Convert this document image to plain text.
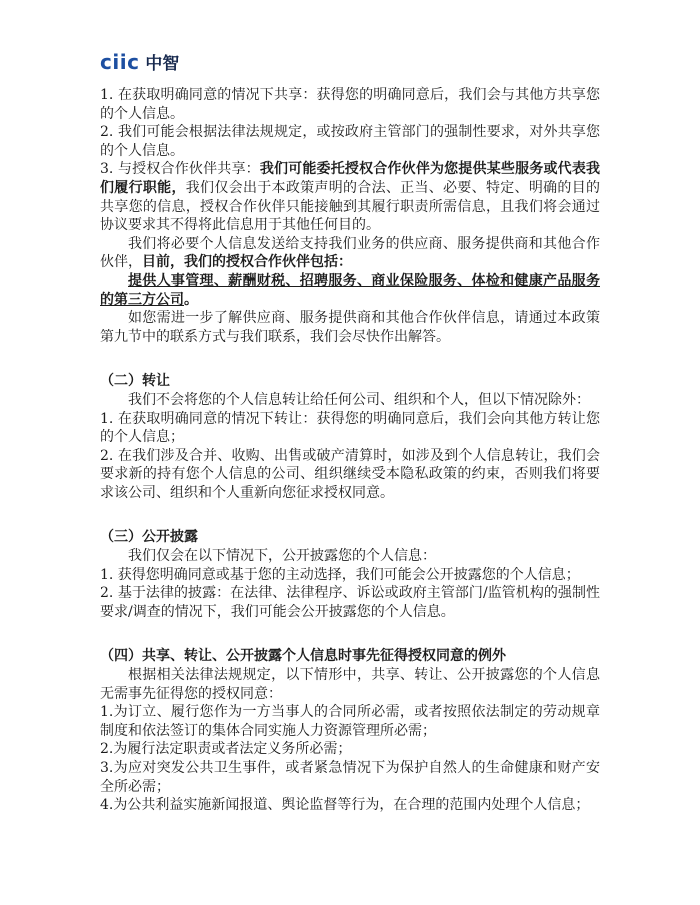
ciic 中智

1. 在获取明确同意的情况下共享：获得您的明确同意后，我们会与其他方共享您的个人信息。

2. 我们可能会根据法律法规规定，或按政府主管部门的强制性要求，对外共享您的个人信息。

3. 与授权合作伙伴共享：我们可能委托授权合作伙伴为您提供某些服务或代表我们履行职能，我们仅会出于本政策声明的合法、正当、必要、特定、明确的目的共享您的信息，授权合作伙伴只能接触到其履行职责所需信息，且我们将会通过协议要求其不得将此信息用于其他任何目的。

我们将必要个人信息发送给支持我们业务的供应商、服务提供商和其他合作伙伴，目前，我们的授权合作伙伴包括：

提供人事管理、薪酬财税、招聘服务、商业保险服务、体检和健康产品服务的第三方公司。

如您需进一步了解供应商、服务提供商和其他合作伙伴信息，请通过本政策第九节中的联系方式与我们联系，我们会尽快作出解答。

（二）转让

我们不会将您的个人信息转让给任何公司、组织和个人，但以下情况除外：

1. 在获取明确同意的情况下转让：获得您的明确同意后，我们会向其他方转让您的个人信息；

2. 在我们涉及合并、收购、出售或破产清算时，如涉及到个人信息转让，我们会要求新的持有您个人信息的公司、组织继续受本隐私政策的约束，否则我们将要求该公司、组织和个人重新向您征求授权同意。

（三）公开披露

我们仅会在以下情况下，公开披露您的个人信息：

1. 获得您明确同意或基于您的主动选择，我们可能会公开披露您的个人信息；

2. 基于法律的披露：在法律、法律程序、诉讼或政府主管部门/监管机构的强制性要求/调查的情况下，我们可能会公开披露您的个人信息。

（四）共享、转让、公开披露个人信息时事先征得授权同意的例外

根据相关法律法规规定，以下情形中，共享、转让、公开披露您的个人信息无需事先征得您的授权同意：

1.为订立、履行您作为一方当事人的合同所必需，或者按照依法制定的劳动规章制度和依法签订的集体合同实施人力资源管理所必需；

2.为履行法定职责或者法定义务所必需；

3.为应对突发公共卫生事件，或者紧急情况下为保护自然人的生命健康和财产安全所必需；

4.为公共利益实施新闻报道、舆论监督等行为，在合理的范围内处理个人信息；
